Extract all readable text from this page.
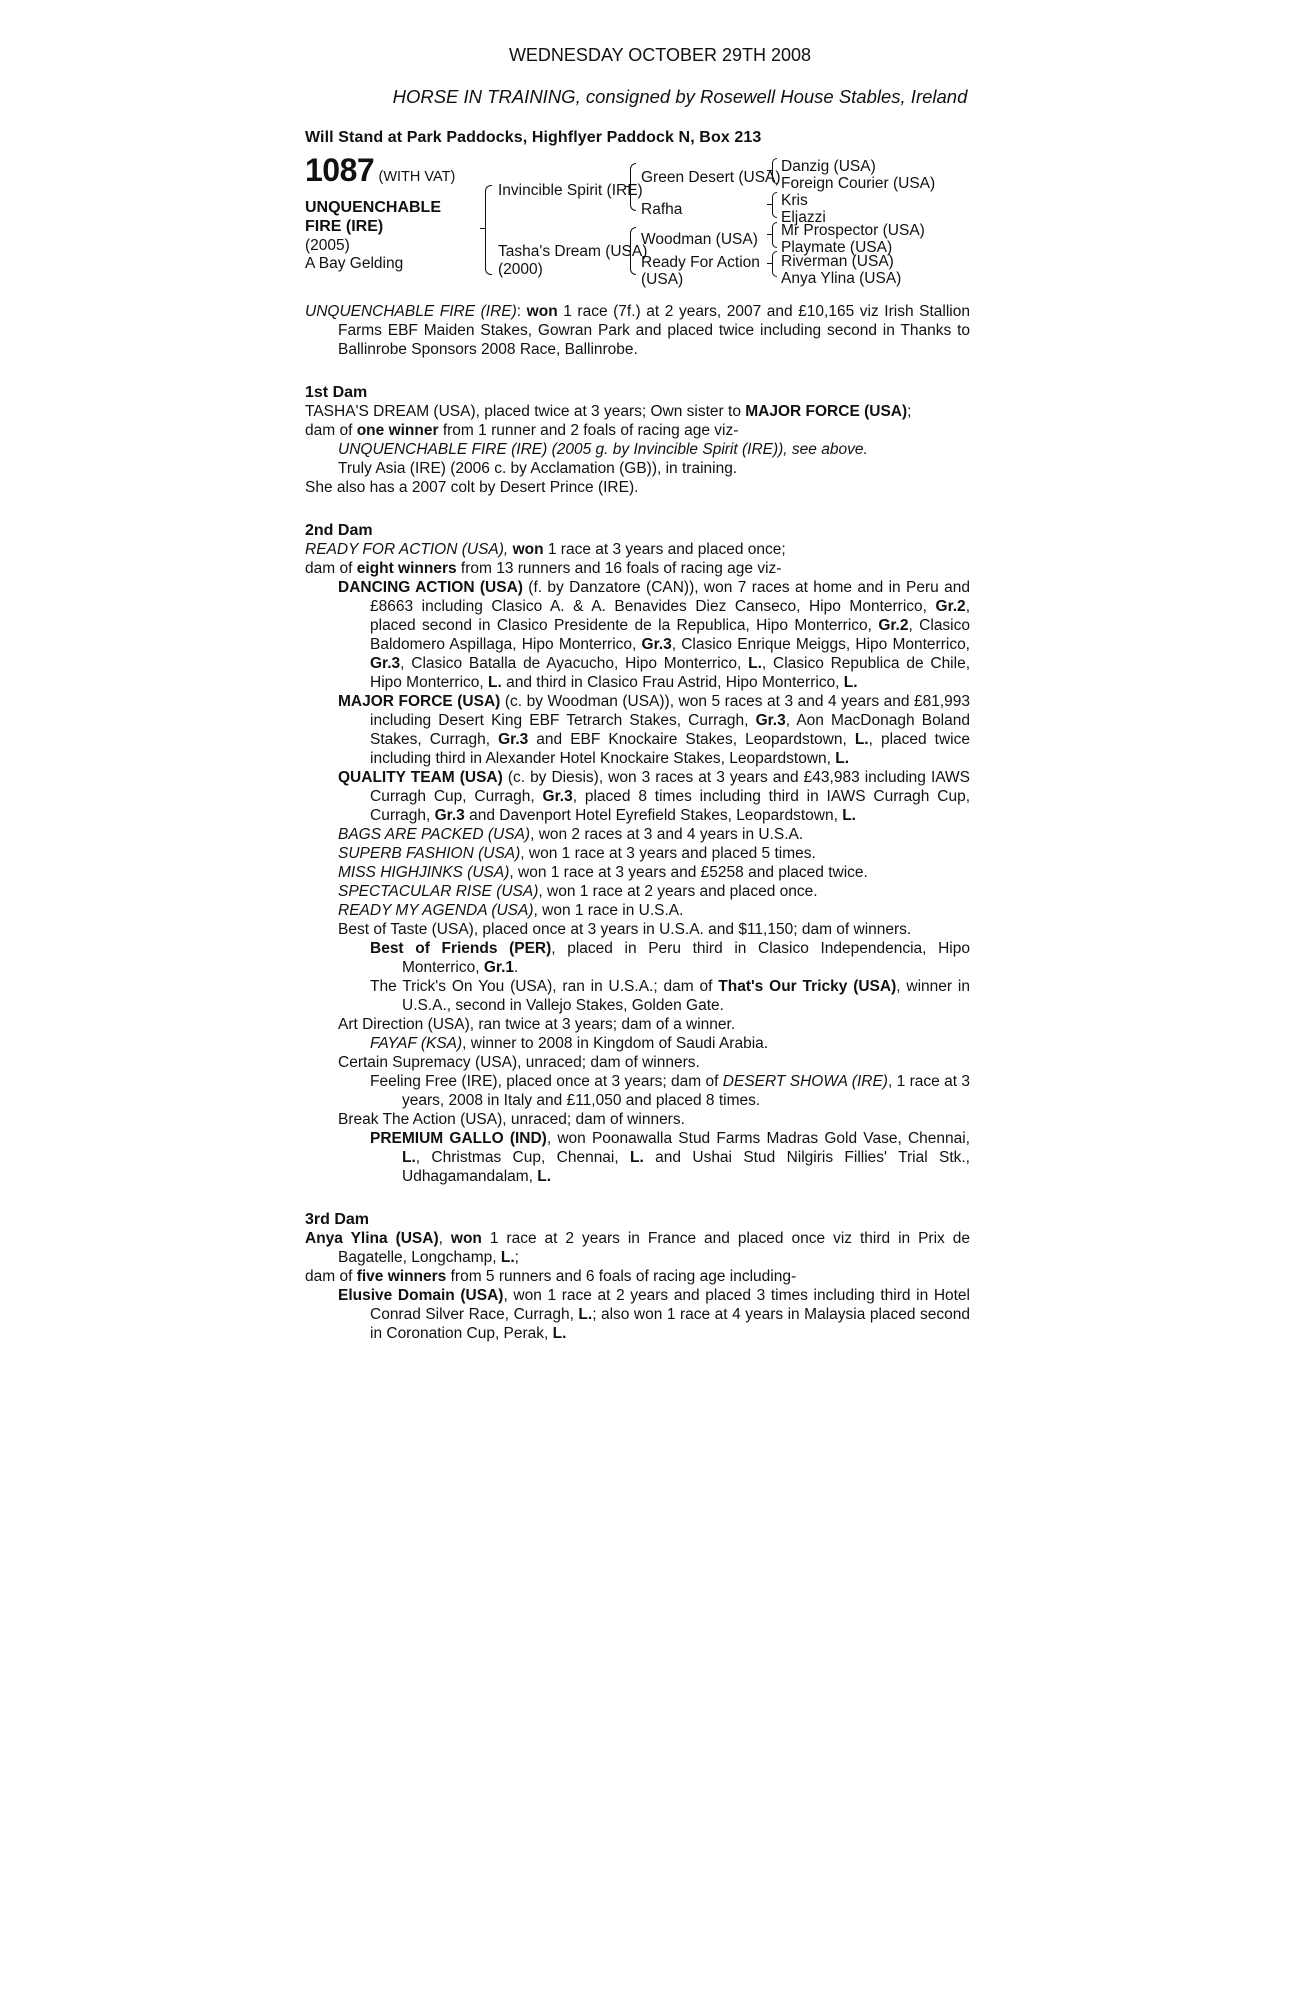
WEDNESDAY OCTOBER 29TH 2008
HORSE IN TRAINING, consigned by Rosewell House Stables, Ireland
Will Stand at Park Paddocks, Highflyer Paddock N, Box 213
1087 (WITH VAT)
UNQUENCHABLE
FIRE (IRE)
(2005)
A Bay Gelding
Invincible Spirit (IRE)
Tasha's Dream (USA)
(2000)
Green Desert (USA)
Rafha
Woodman (USA)
Ready For Action
(USA)
Danzig (USA)
Foreign Courier (USA)
Kris
Eljazzi
Mr Prospector (USA)
Playmate (USA)
Riverman (USA)
Anya Ylina (USA)

UNQUENCHABLE FIRE (IRE): won 1 race (7f.) at 2 years, 2007 and £10,165 viz Irish Stallion Farms EBF Maiden Stakes, Gowran Park and placed twice including second in Thanks to Ballinrobe Sponsors 2008 Race, Ballinrobe.

1st Dam

TASHA'S DREAM (USA), placed twice at 3 years; Own sister to MAJOR FORCE (USA);

dam of one winner from 1 runner and 2 foals of racing age viz-

UNQUENCHABLE FIRE (IRE) (2005 g. by Invincible Spirit (IRE)), see above.

Truly Asia (IRE) (2006 c. by Acclamation (GB)), in training.

She also has a 2007 colt by Desert Prince (IRE).

2nd Dam

READY FOR ACTION (USA), won 1 race at 3 years and placed once;

dam of eight winners from 13 runners and 16 foals of racing age viz-

DANCING ACTION (USA) (f. by Danzatore (CAN)), won 7 races at home and in Peru and £8663 including Clasico A. & A. Benavides Diez Canseco, Hipo Monterrico, Gr.2, placed second in Clasico Presidente de la Republica, Hipo Monterrico, Gr.2, Clasico Baldomero Aspillaga, Hipo Monterrico, Gr.3, Clasico Enrique Meiggs, Hipo Monterrico, Gr.3, Clasico Batalla de Ayacucho, Hipo Monterrico, L., Clasico Republica de Chile, Hipo Monterrico, L. and third in Clasico Frau Astrid, Hipo Monterrico, L.

MAJOR FORCE (USA) (c. by Woodman (USA)), won 5 races at 3 and 4 years and £81,993 including Desert King EBF Tetrarch Stakes, Curragh, Gr.3, Aon MacDonagh Boland Stakes, Curragh, Gr.3 and EBF Knockaire Stakes, Leopardstown, L., placed twice including third in Alexander Hotel Knockaire Stakes, Leopardstown, L.

QUALITY TEAM (USA) (c. by Diesis), won 3 races at 3 years and £43,983 including IAWS Curragh Cup, Curragh, Gr.3, placed 8 times including third in IAWS Curragh Cup, Curragh, Gr.3 and Davenport Hotel Eyrefield Stakes, Leopardstown, L.

BAGS ARE PACKED (USA), won 2 races at 3 and 4 years in U.S.A.

SUPERB FASHION (USA), won 1 race at 3 years and placed 5 times.

MISS HIGHJINKS (USA), won 1 race at 3 years and £5258 and placed twice.

SPECTACULAR RISE (USA), won 1 race at 2 years and placed once.

READY MY AGENDA (USA), won 1 race in U.S.A.

Best of Taste (USA), placed once at 3 years in U.S.A. and $11,150; dam of winners.

Best of Friends (PER), placed in Peru third in Clasico Independencia, Hipo Monterrico, Gr.1.

The Trick's On You (USA), ran in U.S.A.; dam of That's Our Tricky (USA), winner in U.S.A., second in Vallejo Stakes, Golden Gate.

Art Direction (USA), ran twice at 3 years; dam of a winner.

FAYAF (KSA), winner to 2008 in Kingdom of Saudi Arabia.

Certain Supremacy (USA), unraced; dam of winners.

Feeling Free (IRE), placed once at 3 years; dam of DESERT SHOWA (IRE), 1 race at 3 years, 2008 in Italy and £11,050 and placed 8 times.

Break The Action (USA), unraced; dam of winners.

PREMIUM GALLO (IND), won Poonawalla Stud Farms Madras Gold Vase, Chennai, L., Christmas Cup, Chennai, L. and Ushai Stud Nilgiris Fillies' Trial Stk., Udhagamandalam, L.

3rd Dam

Anya Ylina (USA), won 1 race at 2 years in France and placed once viz third in Prix de Bagatelle, Longchamp, L.;

dam of five winners from 5 runners and 6 foals of racing age including-

Elusive Domain (USA), won 1 race at 2 years and placed 3 times including third in Hotel Conrad Silver Race, Curragh, L.; also won 1 race at 4 years in Malaysia placed second in Coronation Cup, Perak, L.
